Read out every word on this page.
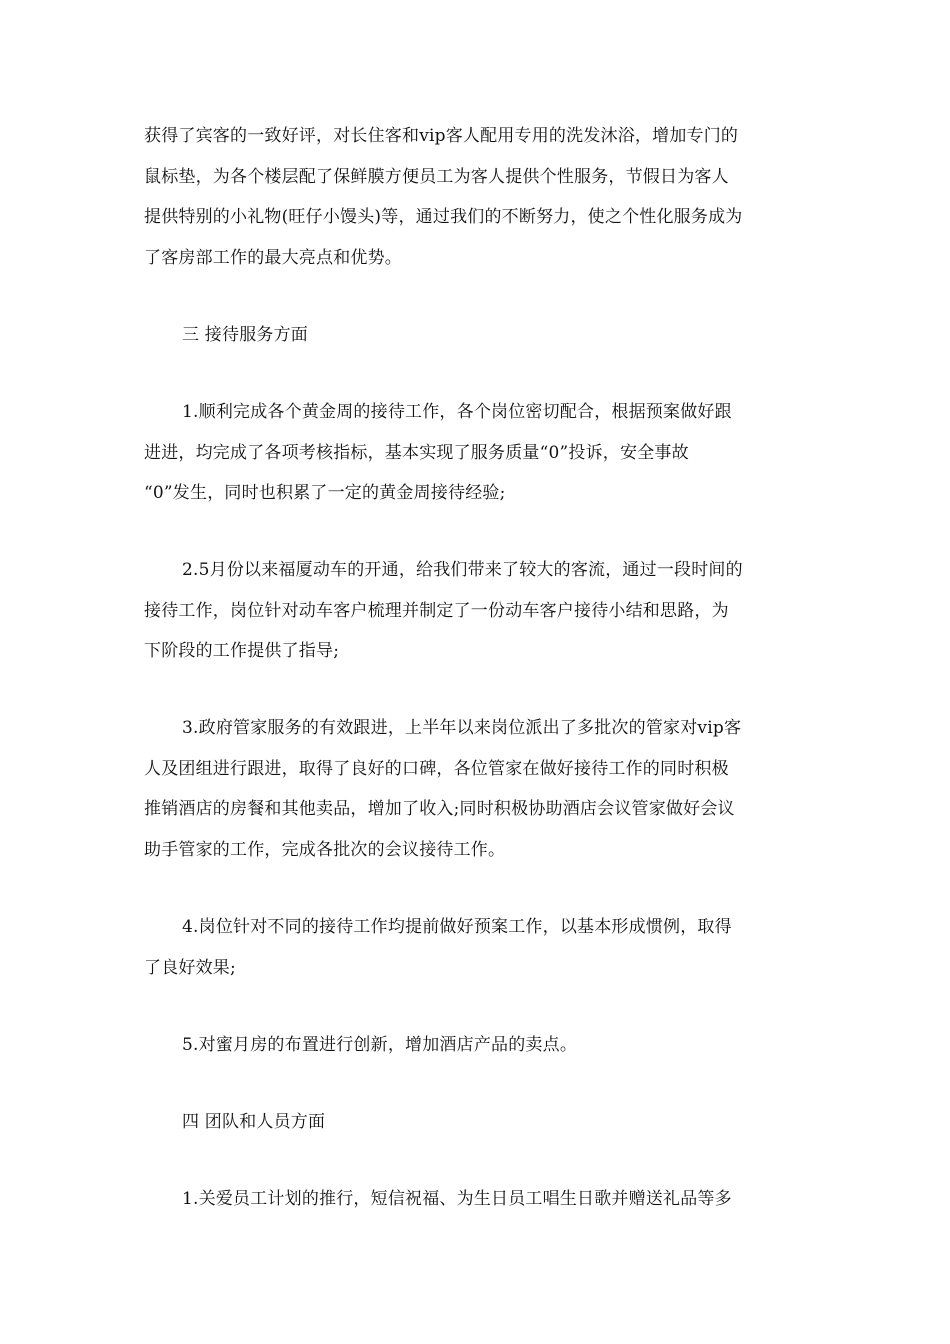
获得了宾客的一致好评，对长住客和vip客人配用专用的洗发沐浴，增加专门的
鼠标垫，为各个楼层配了保鲜膜方便员工为客人提供个性服务，节假日为客人
提供特别的小礼物(旺仔小馒头)等，通过我们的不断努力，使之个性化服务成为
了客房部工作的最大亮点和优势。
三 接待服务方面
1.顺利完成各个黄金周的接待工作，各个岗位密切配合，根据预案做好跟
进进，均完成了各项考核指标，基本实现了服务质量“0”投诉，安全事故
“0”发生，同时也积累了一定的黄金周接待经验;
2.5月份以来福厦动车的开通，给我们带来了较大的客流，通过一段时间的
接待工作，岗位针对动车客户梳理并制定了一份动车客户接待小结和思路，为
下阶段的工作提供了指导;
3.政府管家服务的有效跟进，上半年以来岗位派出了多批次的管家对vip客
人及团组进行跟进，取得了良好的口碑，各位管家在做好接待工作的同时积极
推销酒店的房餐和其他卖品，增加了收入;同时积极协助酒店会议管家做好会议
助手管家的工作，完成各批次的会议接待工作。
4.岗位针对不同的接待工作均提前做好预案工作，以基本形成惯例，取得
了良好效果;
5.对蜜月房的布置进行创新，增加酒店产品的卖点。
四 团队和人员方面
1.关爱员工计划的推行，短信祝福、为生日员工唱生日歌并赠送礼品等多
